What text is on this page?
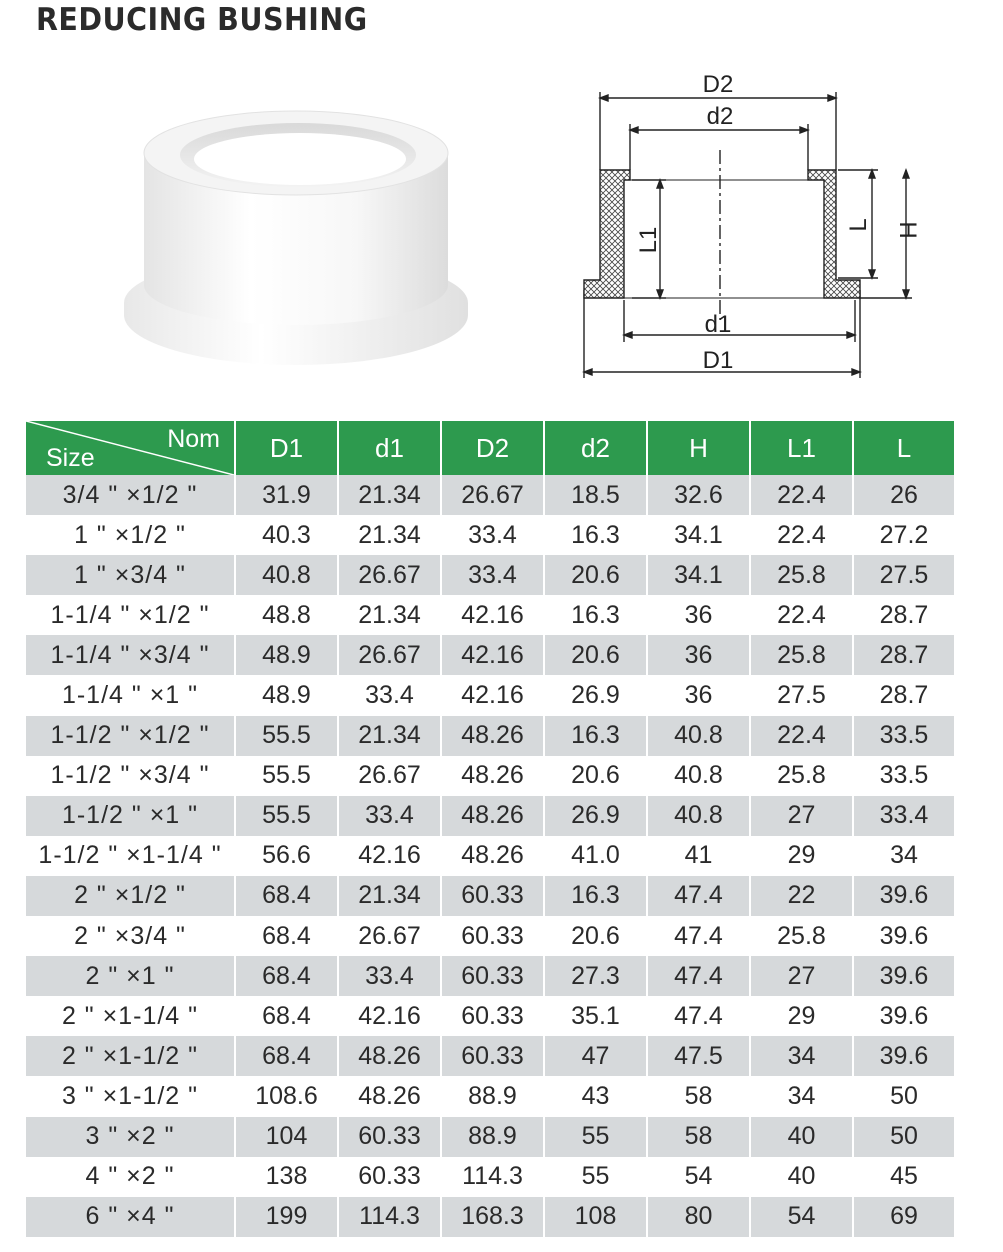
REDUCING BUSHING
D2
d2
d1
D1
L1
L H
Nom
Size	D1	d1	D2	d2	H	L1	L
3/4 " ×1/2 "	31.9	21.34	26.67	18.5	32.6	22.4	26
1 " ×1/2 "	40.3	21.34	33.4	16.3	34.1	22.4	27.2
1 " ×3/4 "	40.8	26.67	33.4	20.6	34.1	25.8	27.5
1-1/4 " ×1/2 "	48.8	21.34	42.16	16.3	36	22.4	28.7
1-1/4 " ×3/4 "	48.9	26.67	42.16	20.6	36	25.8	28.7
1-1/4 " ×1 "	48.9	33.4	42.16	26.9	36	27.5	28.7
1-1/2 " ×1/2 "	55.5	21.34	48.26	16.3	40.8	22.4	33.5
1-1/2 " ×3/4 "	55.5	26.67	48.26	20.6	40.8	25.8	33.5
1-1/2 " ×1 "	55.5	33.4	48.26	26.9	40.8	27	33.4
1-1/2 " ×1-1/4 "	56.6	42.16	48.26	41.0	41	29	34
2 " ×1/2 "	68.4	21.34	60.33	16.3	47.4	22	39.6
2 " ×3/4 "	68.4	26.67	60.33	20.6	47.4	25.8	39.6
2 " ×1 "	68.4	33.4	60.33	27.3	47.4	27	39.6
2 " ×1-1/4 "	68.4	42.16	60.33	35.1	47.4	29	39.6
2 " ×1-1/2 "	68.4	48.26	60.33	47	47.5	34	39.6
3 " ×1-1/2 "	108.6	48.26	88.9	43	58	34	50
3 " ×2 "	104	60.33	88.9	55	58	40	50
4 " ×2 "	138	60.33	114.3	55	54	40	45
6 " ×4 "	199	114.3	168.3	108	80	54	69
